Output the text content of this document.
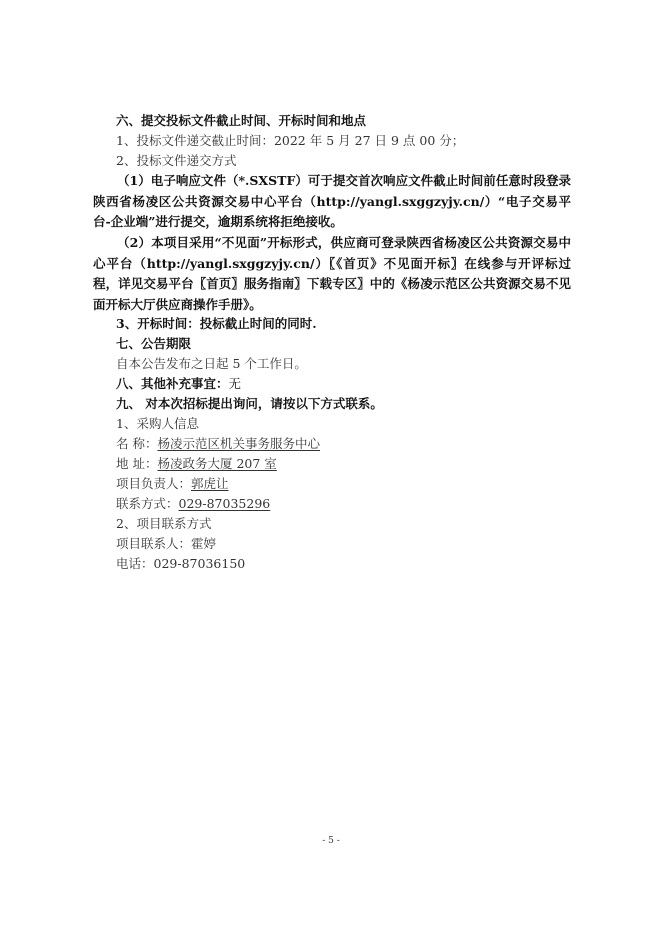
六、提交投标文件截止时间、开标时间和地点
1、投标文件递交截止时间：2022 年 5 月 27 日 9 点 00 分；
2、投标文件递交方式
（1）电子响应文件（*.SXSTF）可于提交首次响应文件截止时间前任意时段登录陕西省杨凌区公共资源交易中心平台（http://yangl.sxggzyjy.cn/）“电子交易平台-企业端”进行提交，逾期系统将拒绝接收。
（2）本项目采用“不见面”开标形式，供应商可登录陕西省杨凌区公共资源交易中心平台（http://yangl.sxggzyjy.cn/）〖《首页》不见面开标〗在线参与开评标过程，详见交易平台〖首页〗服务指南〗下载专区〗中的《杨凌示范区公共资源交易不见面开标大厅供应商操作手册》。
3、开标时间：投标截止时间的同时.
七、公告期限
自本公告发布之日起 5 个工作日。
八、其他补充事宜：无
九、 对本次招标提出询问，请按以下方式联系。
1、采购人信息
名 称：杨凌示范区机关事务服务中心
地 址：杨凌政务大厦 207 室
项目负责人：郭虎让
联系方式：029-87035296
2、项目联系方式
项目联系人：霍婷
电话：029-87036150
- 5 -
